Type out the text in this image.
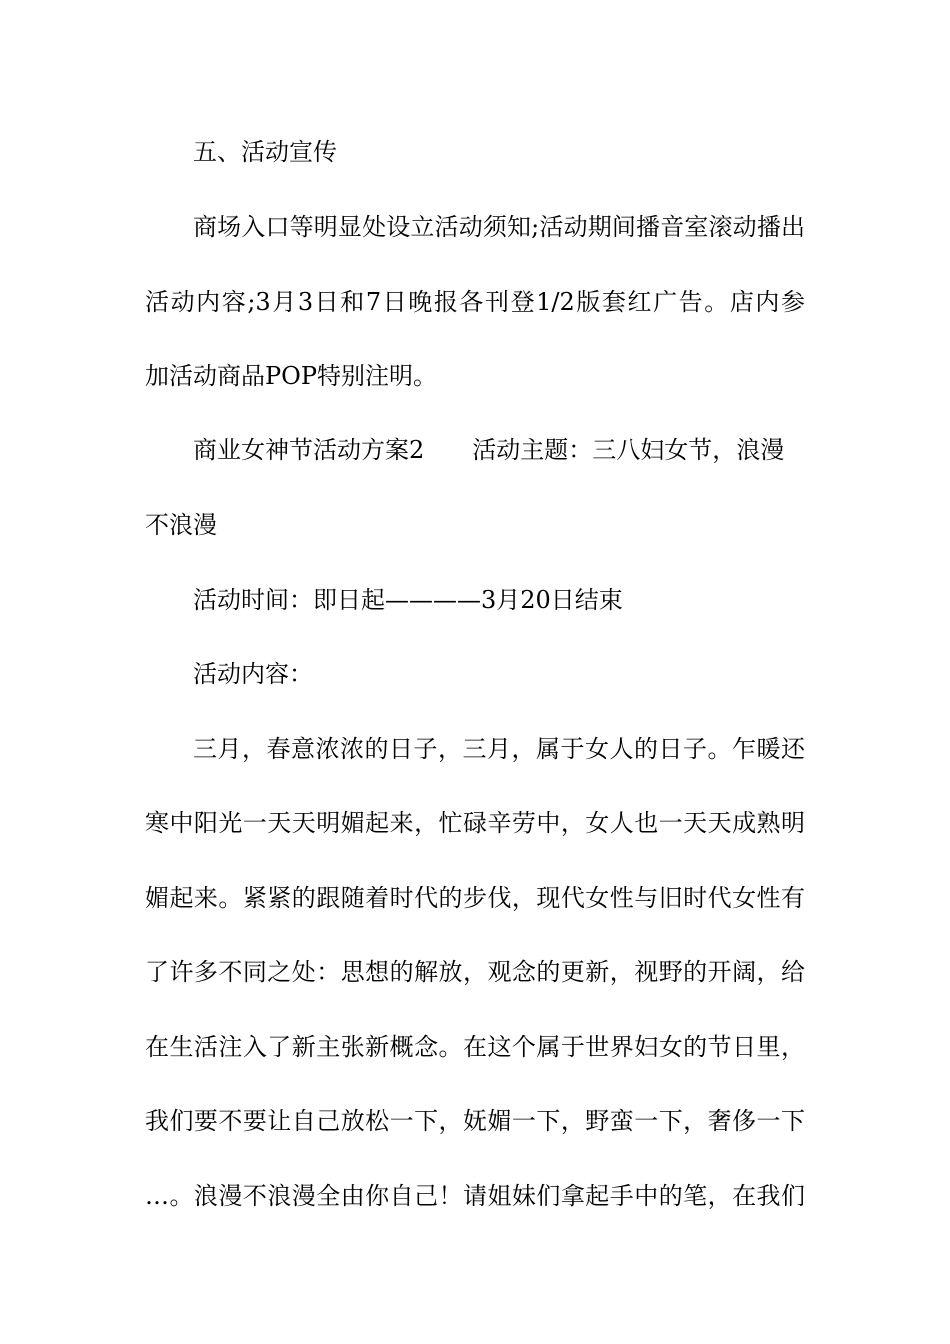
五、活动宣传
商场入口等明显处设立活动须知;活动期间播音室滚动播出
活动内容;3月3日和7日晚报各刊登1/2版套红广告。店内参
加活动商品POP特别注明。
商业女神节活动方案2　　活动主题：三八妇女节，浪漫
不浪漫
活动时间：即日起————3月20日结束
活动内容：
三月，春意浓浓的日子，三月，属于女人的日子。乍暖还
寒中阳光一天天明媚起来，忙碌辛劳中，女人也一天天成熟明
媚起来。紧紧的跟随着时代的步伐，现代女性与旧时代女性有
了许多不同之处：思想的解放，观念的更新，视野的开阔，给
在生活注入了新主张新概念。在这个属于世界妇女的节日里，
我们要不要让自己放松一下，妩媚一下，野蛮一下，奢侈一下
…。浪漫不浪漫全由你自己！请姐妹们拿起手中的笔，在我们
